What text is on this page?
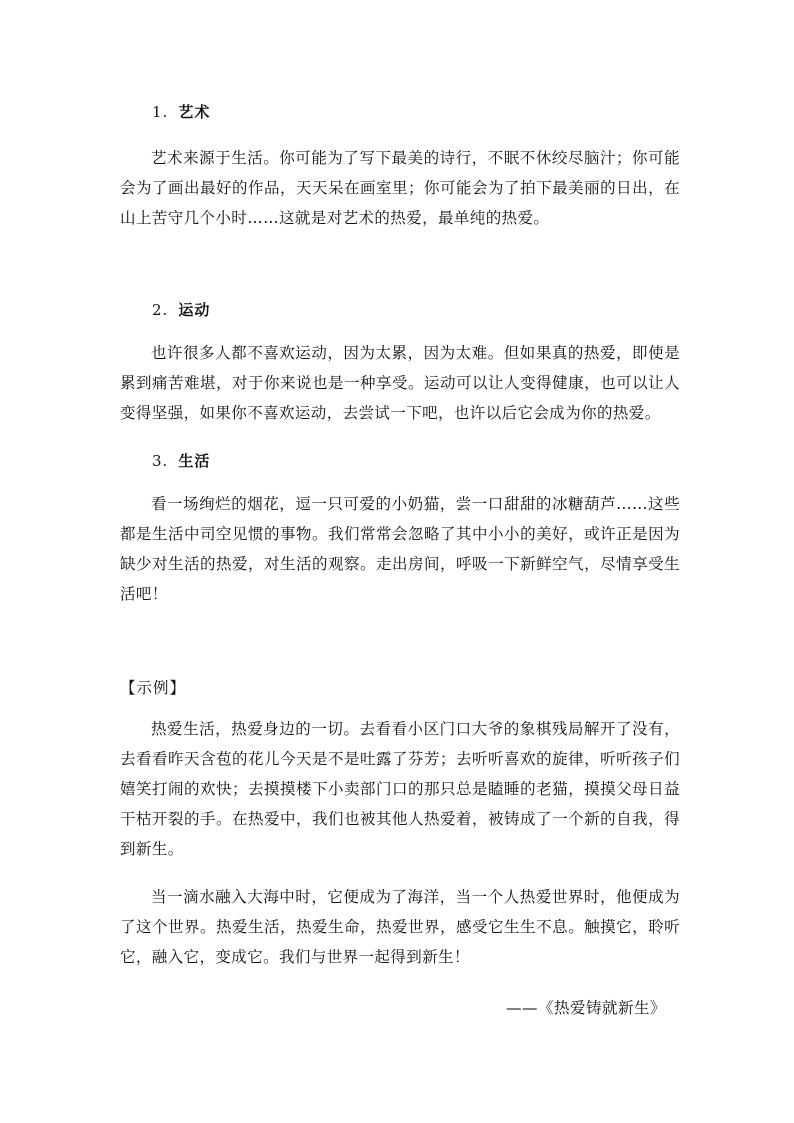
1. 艺术

艺术来源于生活。你可能为了写下最美的诗行，不眠不休绞尽脑汁；你可能会为了画出最好的作品，天天呆在画室里；你可能会为了拍下最美丽的日出，在山上苦守几个小时……这就是对艺术的热爱，最单纯的热爱。

2. 运动

也许很多人都不喜欢运动，因为太累，因为太难。但如果真的热爱，即使是累到痛苦难堪，对于你来说也是一种享受。运动可以让人变得健康，也可以让人变得坚强，如果你不喜欢运动，去尝试一下吧，也许以后它会成为你的热爱。

3. 生活

看一场绚烂的烟花，逗一只可爱的小奶猫，尝一口甜甜的冰糖葫芦……这些都是生活中司空见惯的事物。我们常常会忽略了其中小小的美好，或许正是因为缺少对生活的热爱，对生活的观察。走出房间，呼吸一下新鲜空气，尽情享受生活吧！

【示例】

热爱生活，热爱身边的一切。去看看小区门口大爷的象棋残局解开了没有，去看看昨天含苞的花儿今天是不是吐露了芬芳；去听听喜欢的旋律，听听孩子们嬉笑打闹的欢快；去摸摸楼下小卖部门口的那只总是瞌睡的老猫，摸摸父母日益干枯开裂的手。在热爱中，我们也被其他人热爱着，被铸成了一个新的自我，得到新生。

当一滴水融入大海中时，它便成为了海洋，当一个人热爱世界时，他便成为了这个世界。热爱生活，热爱生命，热爱世界，感受它生生不息。触摸它，聆听它，融入它，变成它。我们与世界一起得到新生！

——《热爱铸就新生》
